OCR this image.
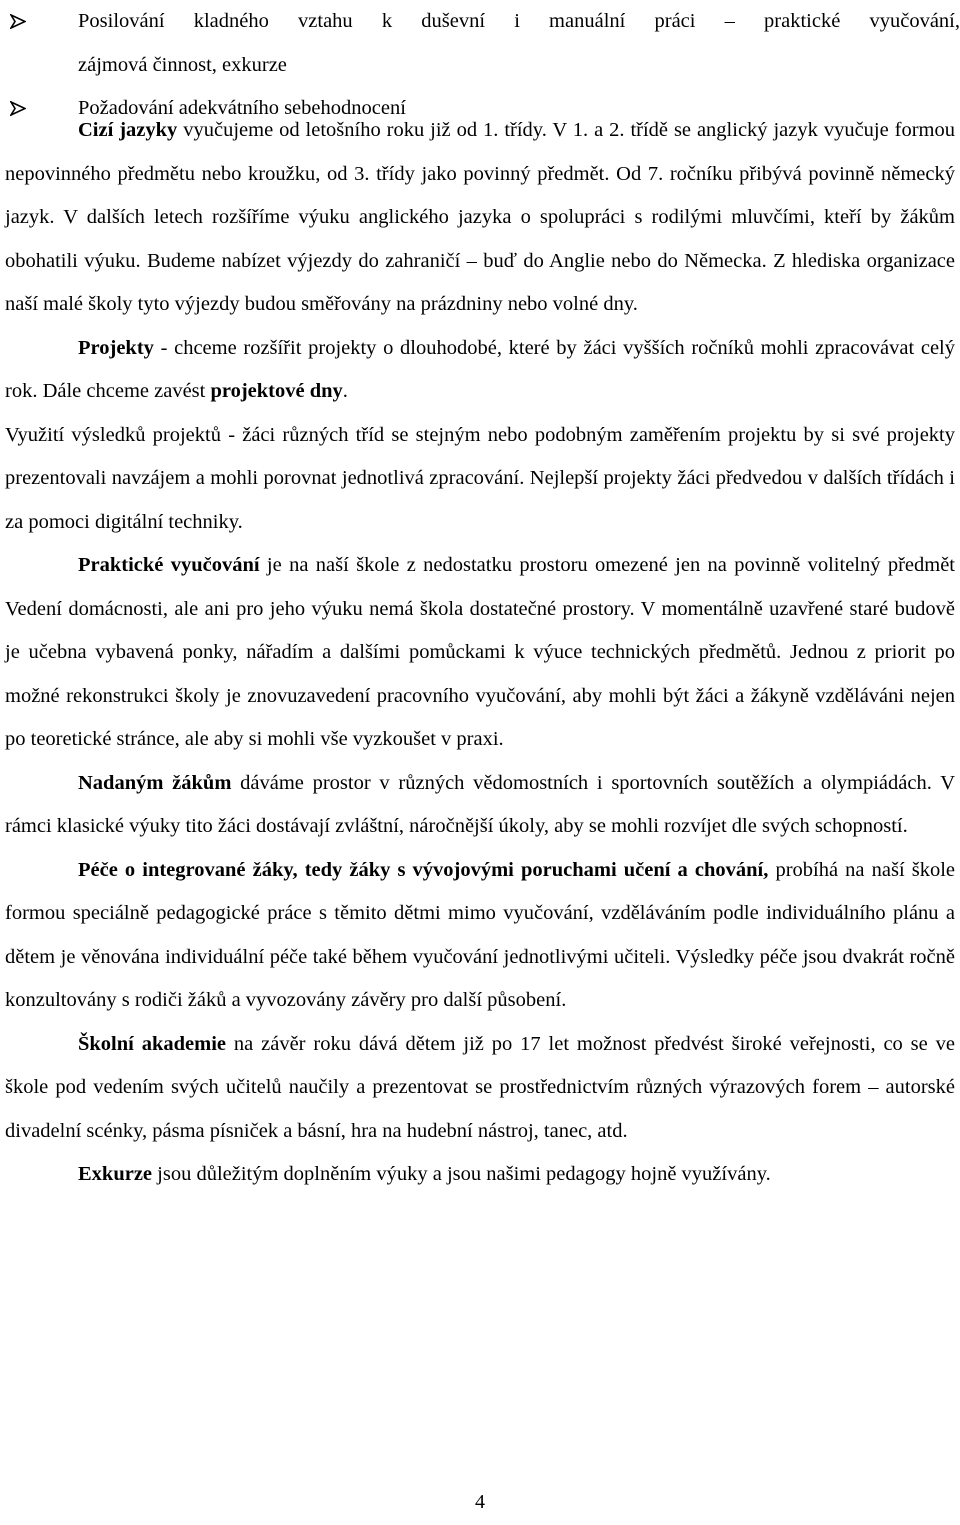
Posilování kladného vztahu k duševní i manuální práci – praktické vyučování,
zájmová činnost, exkurze
Požadování adekvátního sebehodnocení

Cizí jazyky vyučujeme od letošního roku již od 1. třídy. V 1. a 2. třídě se anglický jazyk vyučuje formou nepovinného předmětu nebo kroužku, od 3. třídy jako povinný předmět. Od 7. ročníku přibývá povinně německý jazyk. V dalších letech rozšíříme výuku anglického jazyka o spolupráci s rodilými mluvčími, kteří by žákům obohatili výuku. Budeme nabízet výjezdy do zahraničí – buď do Anglie nebo do Německa. Z hlediska organizace naší malé školy tyto výjezdy budou směřovány na prázdniny nebo volné dny.

Projekty - chceme rozšířit projekty o dlouhodobé, které by žáci vyšších ročníků mohli zpracovávat celý rok. Dále chceme zavést projektové dny.

Využití výsledků projektů - žáci různých tříd se stejným nebo podobným zaměřením projektu by si své projekty prezentovali navzájem a mohli porovnat jednotlivá zpracování. Nejlepší projekty žáci předvedou v dalších třídách i za pomoci digitální techniky.

Praktické vyučování je na naší škole z nedostatku prostoru omezené jen na povinně volitelný předmět Vedení domácnosti, ale ani pro jeho výuku nemá škola dostatečné prostory. V momentálně uzavřené staré budově je učebna vybavená ponky, nářadím a dalšími pomůckami k výuce technických předmětů. Jednou z priorit po možné rekonstrukci školy je znovuzavedení pracovního vyučování, aby mohli být žáci a žákyně vzděláváni nejen po teoretické stránce, ale aby si mohli vše vyzkoušet v praxi.

Nadaným žákům dáváme prostor v různých vědomostních i sportovních soutěžích a olympiádách. V rámci klasické výuky tito žáci dostávají zvláštní, náročnější úkoly, aby se mohli rozvíjet dle svých schopností.

Péče o integrované žáky, tedy žáky s vývojovými poruchami učení a chování, probíhá na naší škole formou speciálně pedagogické práce s těmito dětmi mimo vyučování, vzděláváním podle individuálního plánu a dětem je věnována individuální péče také během vyučování jednotlivými učiteli. Výsledky péče jsou dvakrát ročně konzultovány s rodiči žáků a vyvozovány závěry pro další působení.

Školní akademie na závěr roku dává dětem již po 17 let možnost předvést široké veřejnosti, co se ve škole pod vedením svých učitelů naučily a prezentovat se prostřednictvím různých výrazových forem – autorské divadelní scénky, pásma písniček a básní, hra na hudební nástroj, tanec, atd.

Exkurze jsou důležitým doplněním výuky a jsou našimi pedagogy hojně využívány.

4
